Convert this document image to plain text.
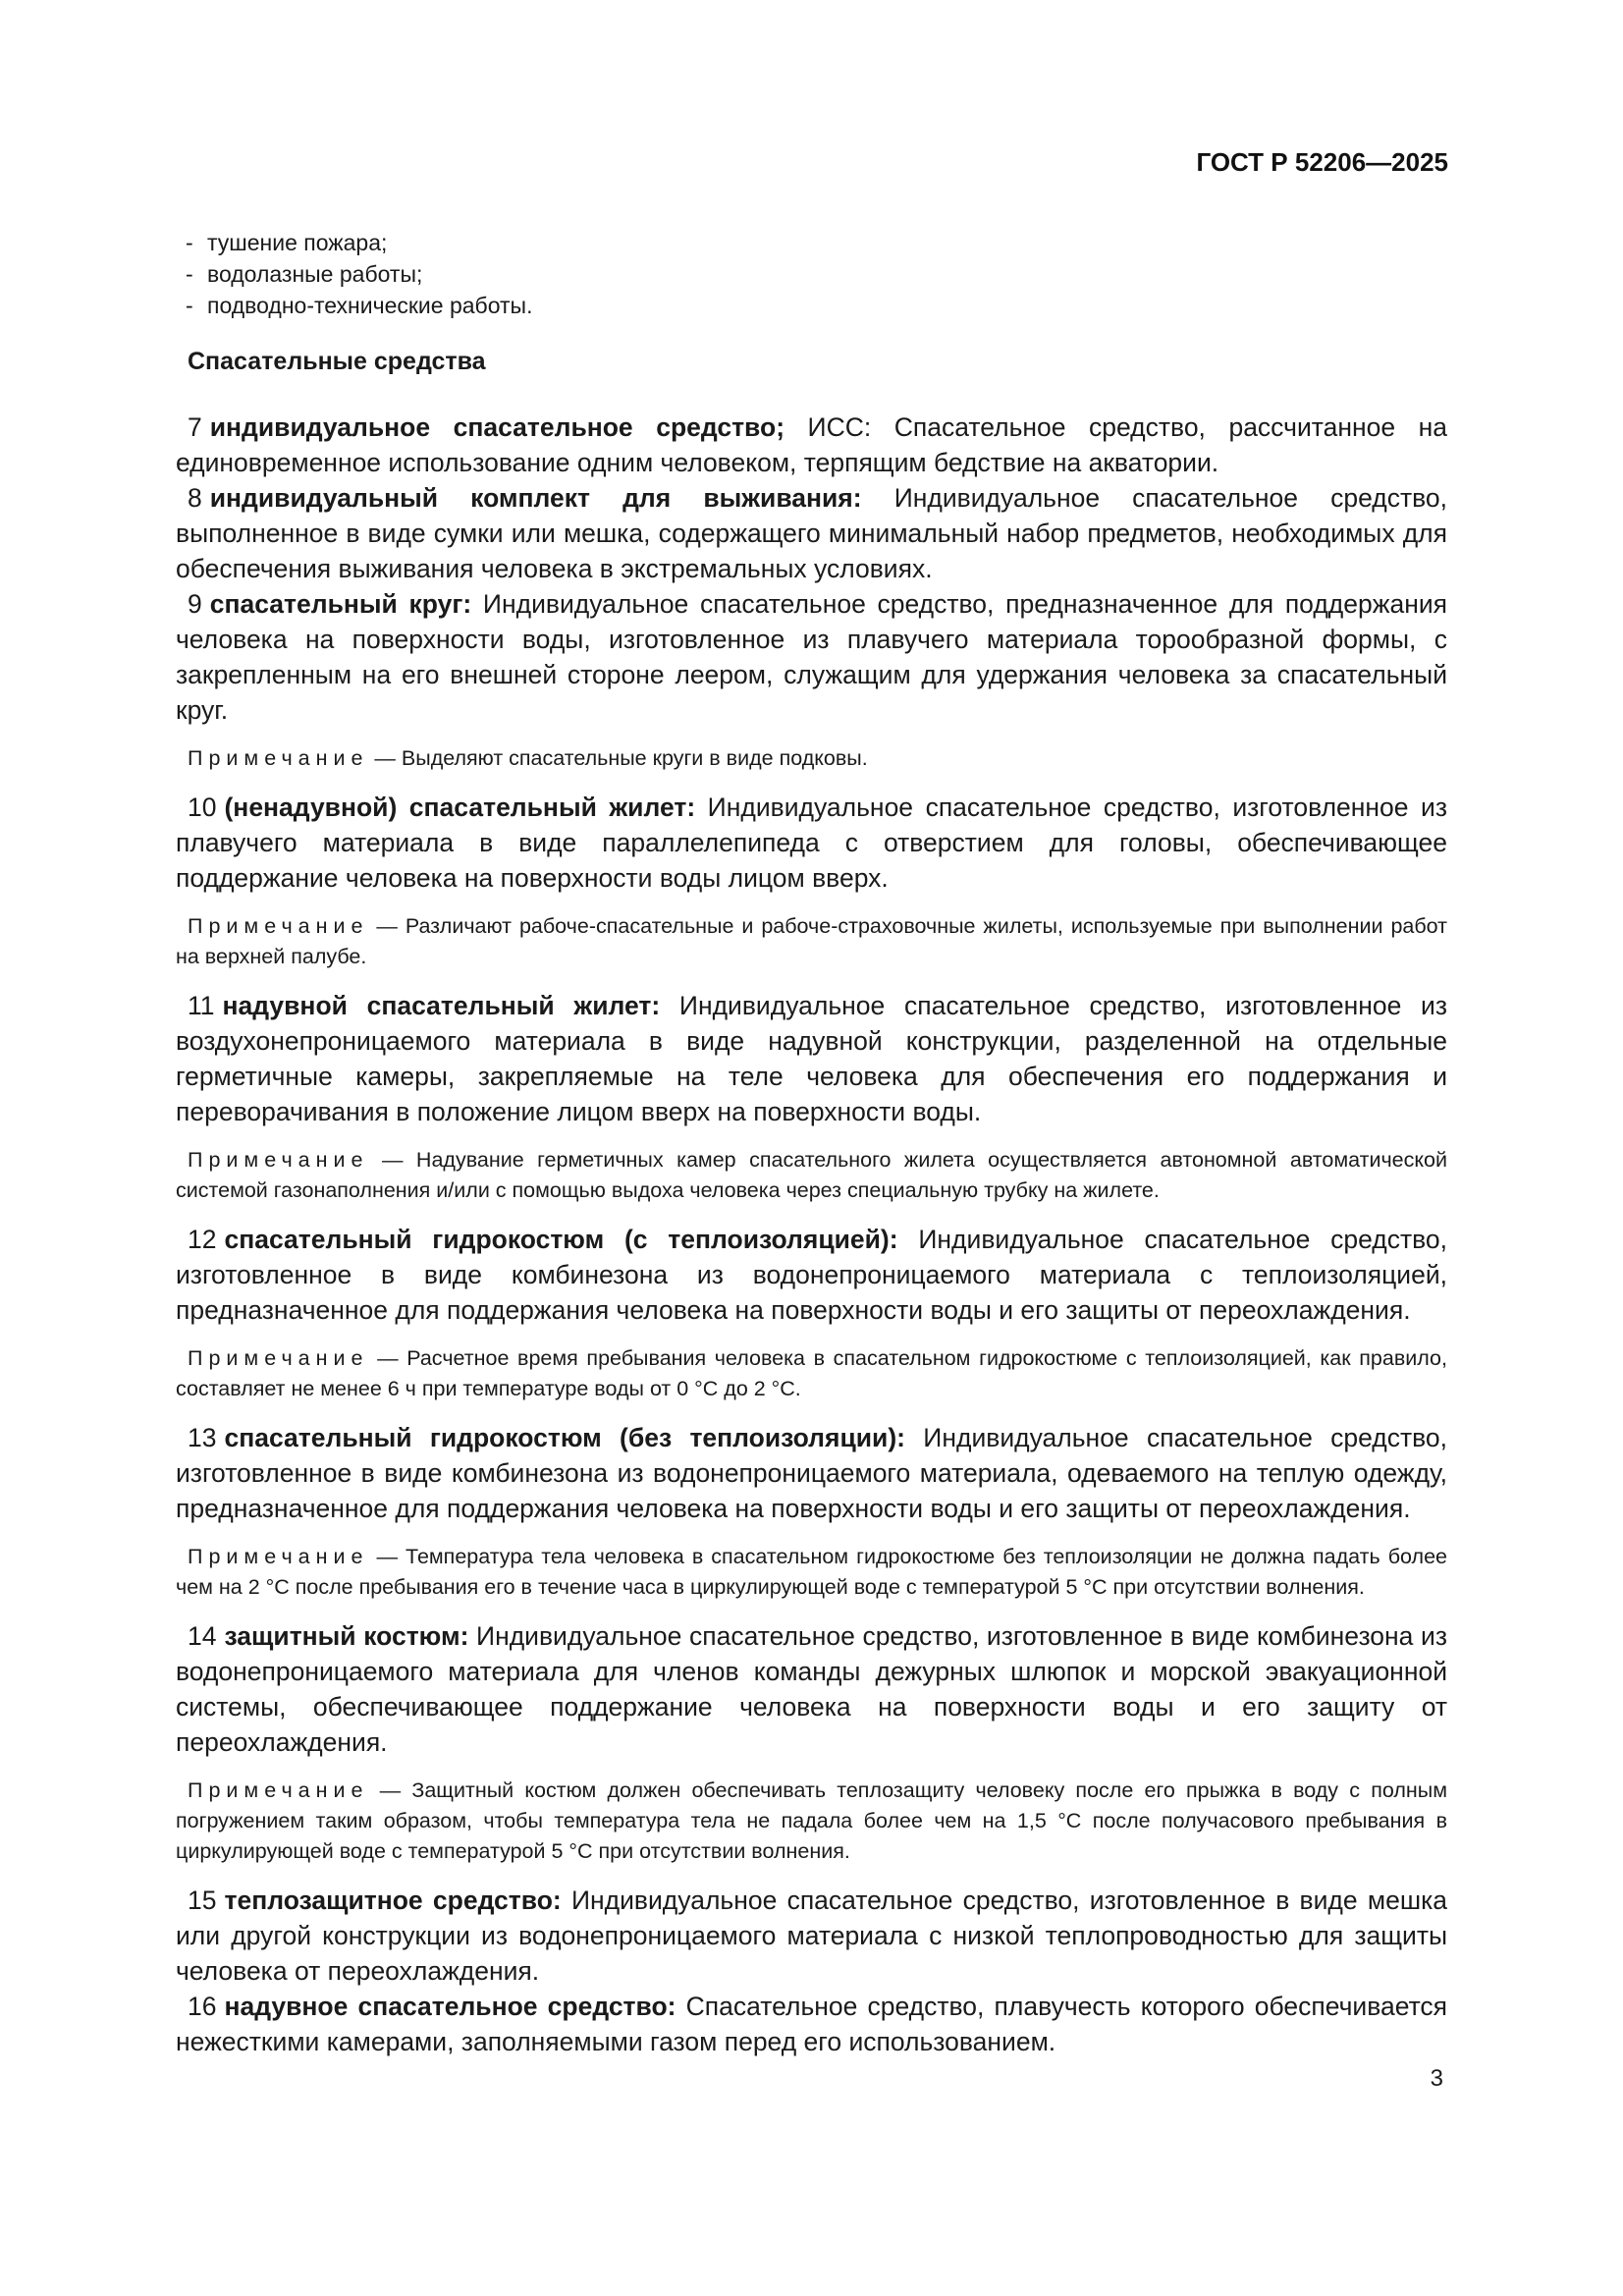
ГОСТ Р 52206—2025
- тушение пожара;
- водолазные работы;
- подводно-технические работы.
Спасательные средства

7 индивидуальное спасательное средство; ИСС: Спасательное средство, рассчитанное на единовременное использование одним человеком, терпящим бедствие на акватории.

8 индивидуальный комплект для выживания: Индивидуальное спасательное средство, выполненное в виде сумки или мешка, содержащего минимальный набор предметов, необходимых для обеспечения выживания человека в экстремальных условиях.

9 спасательный круг: Индивидуальное спасательное средство, предназначенное для поддержания человека на поверхности воды, изготовленное из плавучего материала торообразной формы, с закрепленным на его внешней стороне леером, служащим для удержания человека за спасательный круг.

Примечание — Выделяют спасательные круги в виде подковы.

10 (ненадувной) спасательный жилет: Индивидуальное спасательное средство, изготовленное из плавучего материала в виде параллелепипеда с отверстием для головы, обеспечивающее поддержание человека на поверхности воды лицом вверх.

Примечание — Различают рабоче-спасательные и рабоче-страховочные жилеты, используемые при выполнении работ на верхней палубе.

11 надувной спасательный жилет: Индивидуальное спасательное средство, изготовленное из воздухонепроницаемого материала в виде надувной конструкции, разделенной на отдельные герметичные камеры, закрепляемые на теле человека для обеспечения его поддержания и переворачивания в положение лицом вверх на поверхности воды.

Примечание — Надувание герметичных камер спасательного жилета осуществляется автономной автоматической системой газонаполнения и/или с помощью выдоха человека через специальную трубку на жилете.

12 спасательный гидрокостюм (с теплоизоляцией): Индивидуальное спасательное средство, изготовленное в виде комбинезона из водонепроницаемого материала с теплоизоляцией, предназначенное для поддержания человека на поверхности воды и его защиты от переохлаждения.

Примечание — Расчетное время пребывания человека в спасательном гидрокостюме с теплоизоляцией, как правило, составляет не менее 6 ч при температуре воды от 0 °С до 2 °С.

13 спасательный гидрокостюм (без теплоизоляции): Индивидуальное спасательное средство, изготовленное в виде комбинезона из водонепроницаемого материала, одеваемого на теплую одежду, предназначенное для поддержания человека на поверхности воды и его защиты от переохлаждения.

Примечание — Температура тела человека в спасательном гидрокостюме без теплоизоляции не должна падать более чем на 2 °С после пребывания его в течение часа в циркулирующей воде с температурой 5 °С при отсутствии волнения.

14 защитный костюм: Индивидуальное спасательное средство, изготовленное в виде комбинезона из водонепроницаемого материала для членов команды дежурных шлюпок и морской эвакуационной системы, обеспечивающее поддержание человека на поверхности воды и его защиту от переохлаждения.

Примечание — Защитный костюм должен обеспечивать теплозащиту человеку после его прыжка в воду с полным погружением таким образом, чтобы температура тела не падала более чем на 1,5 °С после получасового пребывания в циркулирующей воде с температурой 5 °С при отсутствии волнения.

15 теплозащитное средство: Индивидуальное спасательное средство, изготовленное в виде мешка или другой конструкции из водонепроницаемого материала с низкой теплопроводностью для защиты человека от переохлаждения.

16 надувное спасательное средство: Спасательное средство, плавучесть которого обеспечивается нежесткими камерами, заполняемыми газом перед его использованием.

3
